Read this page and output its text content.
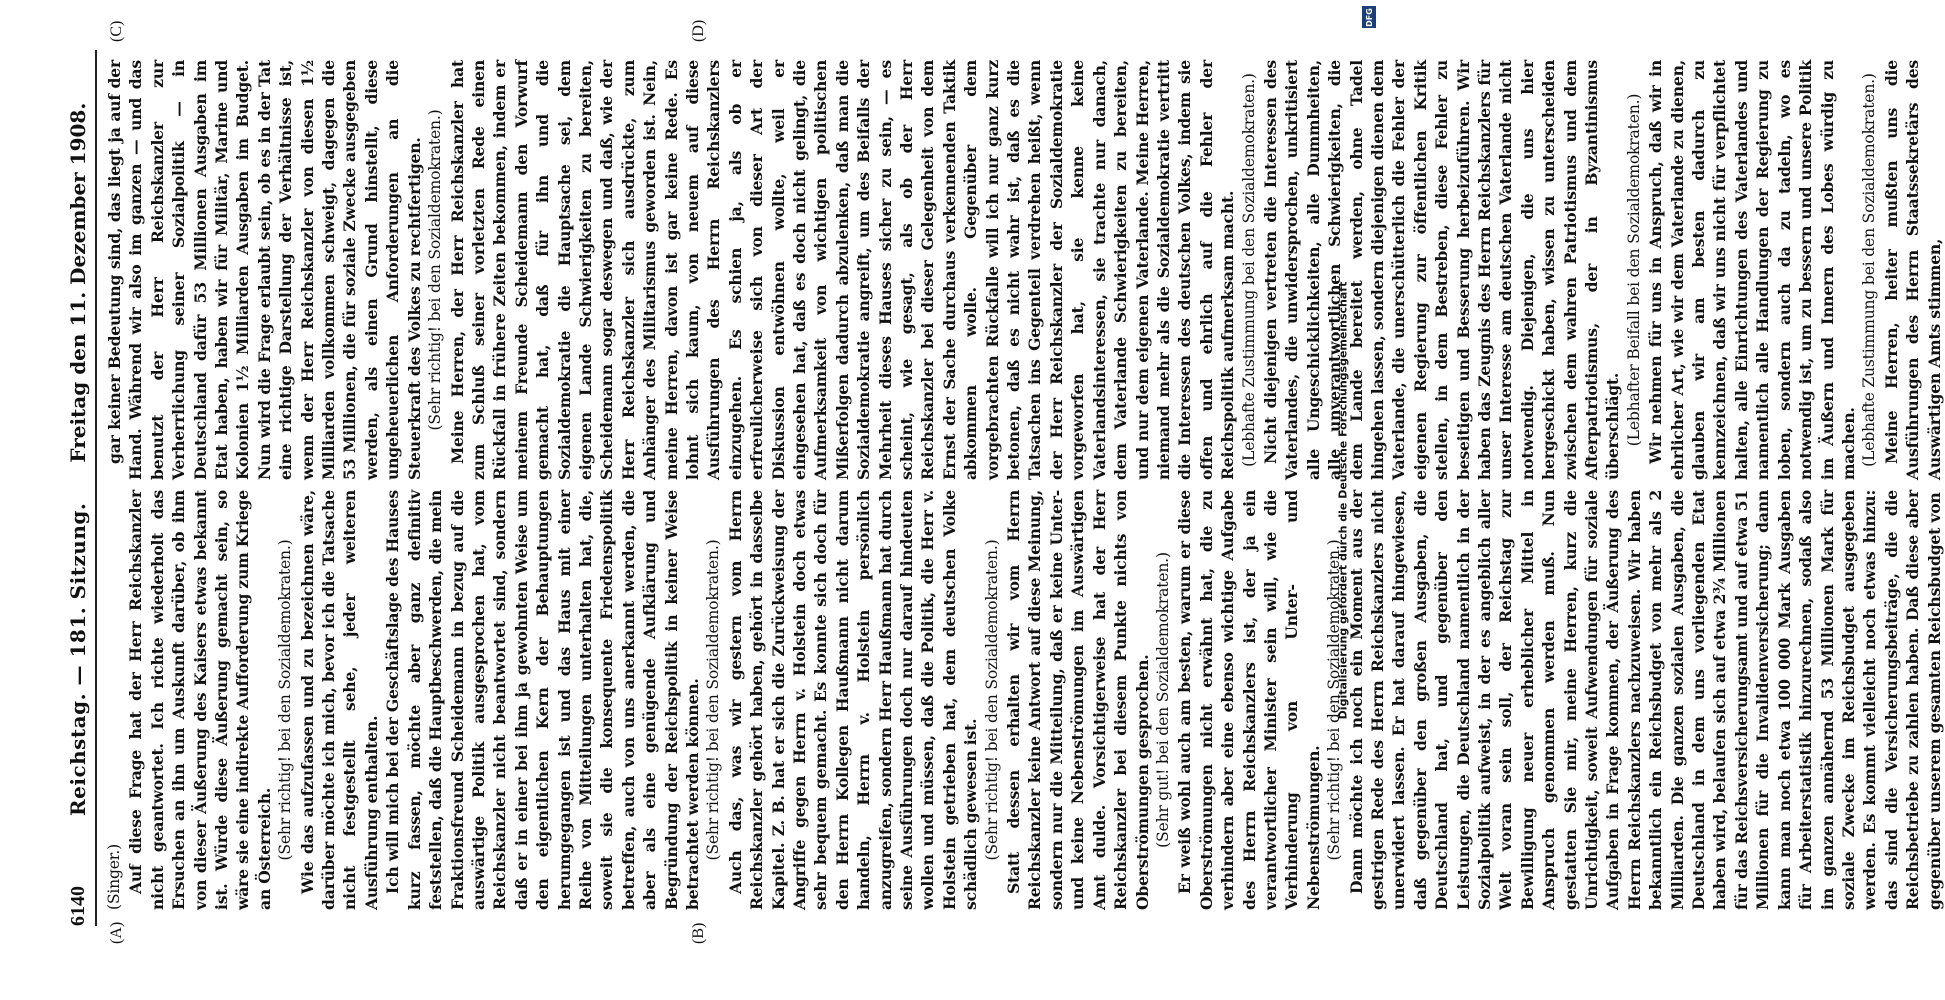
6140
Reichstag. — 181. Sitzung.
Freitag den 11. Dezember 1908.
(A)	(B)
(C)	(D)

(Singer.) Auf diese Frage hat der Herr Reichskanzler nicht geantwortet. Ich richte wiederholt das Ersuchen an ihn um Auskunft darüber, ob ihm von dieser Äußerung des Kaisers etwas bekannt ist. Würde diese Äußerung gemacht sein, so wäre sie eine indirekte Aufforderung zum Kriege an Österreich. (Sehr richtig! bei den Sozialdemokraten.) Wie das aufzufassen und zu bezeichnen wäre, darüber möchte ich mich, bevor ich die Tatsache nicht festgestellt sehe, jeder weiteren Ausführung enthalten. Ich will mich bei der Geschäftslage des Hauses kurz fassen, möchte aber ganz definitiv feststellen, daß die Hauptbeschwerden, die mein Fraktionsfreund Scheidemann in bezug auf die auswärtige Politik ausgesprochen hat, vom Reichskanzler nicht beantwortet sind, sondern daß er in einer bei ihm ja gewohnten Weise um den eigentlichen Kern der Behauptungen herumgegangen ist und das Haus mit einer Reihe von Mitteilungen unterhalten hat, die, soweit sie die konsequente Friedenspolitik betreffen, auch von uns anerkannt werden, die aber als eine genügende Aufklärung und Begründung der Reichspolitik in keiner Weise betrachtet werden können. (Sehr richtig! bei den Sozialdemokraten.) Auch das, was wir gestern vom Herrn Reichskanzler gehört haben, gehört in dasselbe Kapitel. Z. B. hat er sich die Zurückweisung der Angriffe gegen Herrn v. Holstein doch etwas sehr bequem gemacht. Es konnte sich doch für den Herrn Kollegen Haußmann nicht darum handeln, Herrn v. Holstein persönlich anzugreifen, sondern Herr Haußmann hat durch seine Ausführungen doch nur darauf hindeuten wollen und müssen, daß die Politik, die Herr v. Holstein getrieben hat, dem deutschen Volke schädlich gewesen ist. (Sehr richtig! bei den Sozialdemokraten.) Statt dessen erhalten wir vom Herrn Reichskanzler keine Antwort auf diese Meinung, sondern nur die Mitteilung, daß er keine Unter- und keine Nebenströmungen im Auswärtigen Amt dulde. Vorsichtigerweise hat der Herr Reichskanzler bei diesem Punkte nichts von Oberströmungen gesprochen. (Sehr gut! bei den Sozialdemokraten.) Er weiß wohl auch am besten, warum er diese Oberströmungen nicht erwähnt hat, die zu verhindern aber eine ebenso wichtige Aufgabe des Herrn Reichskanzlers ist, der ja ein verantwortlicher Minister sein will, wie die Verhinderung von Unter- und Nebenströmungen. (Sehr richtig! bei den Sozialdemokraten.) Dann möchte ich noch ein Moment aus der gestrigen Rede des Herrn Reichskanzlers nicht unerwidert lassen. Er hat darauf hingewiesen, daß gegenüber den großen Ausgaben, die Deutschland hat, und gegenüber den Leistungen, die Deutschland namentlich in der Sozialpolitik aufweist, in der es angeblich aller Welt voran sein soll, der Reichstag zur Bewilligung neuer erheblicher Mittel in Anspruch genommen werden muß. Nun gestatten Sie mir, meine Herren, kurz die Unrichtigkeit, soweit Aufwendungen für soziale Aufgaben in Frage kommen, der Äußerung des Herrn Reichskanzlers nachzuweisen. Wir haben bekanntlich ein Reichsbudget von mehr als 2 Milliarden. Die ganzen sozialen Ausgaben, die Deutschland in dem uns vorliegenden Etat haben wird, belaufen sich auf etwa 2¾ Millionen für das Reichsversicherungsamt und auf etwa 51 Millionen für die Invalidenversicherung; dann kann man noch etwa 100 000 Mark Ausgaben für Arbeiterstatistik hinzurechnen, sodaß also im ganzen annähernd 53 Millionen Mark für soziale Zwecke im Reichsbudget ausgegeben werden. Es kommt vielleicht noch etwas hinzu: das sind die Versicherungsbeiträge, die die Reichsbetriebe zu zahlen haben. Daß diese aber gegenüber unserem gesamten Reichsbudget von

gar keiner Bedeutung sind, das liegt ja auf der Hand. Während wir also im ganzen — und das benutzt der Herr Reichskanzler zur Verherrlichung seiner Sozialpolitik — in Deutschland dafür 53 Millionen Ausgaben im Etat haben, haben wir für Militär, Marine und Kolonien 1½ Milliarden Ausgaben im Budget. Nun wird die Frage erlaubt sein, ob es in der Tat eine richtige Darstellung der Verhältnisse ist, wenn der Herr Reichskanzler von diesen 1½ Milliarden vollkommen schweigt, dagegen die 53 Millionen, die für soziale Zwecke ausgegeben werden, als einen Grund hinstellt, diese ungeheuerlichen Anforderungen an die Steuerkraft des Volkes zu rechtfertigen. (Sehr richtig! bei den Sozialdemokraten.) Meine Herren, der Herr Reichskanzler hat zum Schluß seiner vorletzten Rede einen Rückfall in frühere Zeiten bekommen, indem er meinem Freunde Scheidemann den Vorwurf gemacht hat, daß für ihn und die Sozialdemokratie die Hauptsache sei, dem eigenen Lande Schwierigkeiten zu bereiten, Scheidemann sogar deswegen und daß, wie der Herr Reichskanzler sich ausdrückte, zum Anhänger des Militarismus geworden ist. Nein, meine Herren, davon ist gar keine Rede. Es lohnt sich kaum, von neuem auf diese Ausführungen des Herrn Reichskanzlers einzugehen. Es schien ja, als ob er erfreulicherweise sich von dieser Art der Diskussion entwöhnen wollte, weil er eingesehen hat, daß es doch nicht gelingt, die Aufmerksamkeit von wichtigen politischen Mißerfolgen dadurch abzulenken, daß man die Sozialdemokratie angreift, um des Beifalls der Mehrheit dieses Hauses sicher zu sein, — es scheint, wie gesagt, als ob der Herr Reichskanzler bei dieser Gelegenheit von dem Ernst der Sache durchaus verkennenden Taktik abkommen wolle. Gegenüber dem vorgebrachten Rückfalle will ich nur ganz kurz betonen, daß es nicht wahr ist, daß es die Tatsachen ins Gegenteil verdrehen heißt, wenn der Herr Reichskanzler der Sozialdemokratie vorgeworfen hat, sie kenne keine Vaterlandsinteressen, sie trachte nur danach, dem Vaterlande Schwierigkeiten zu bereiten, und nur dem eigenen Vaterlande. Meine Herren, niemand mehr als die Sozialdemokratie vertritt die Interessen des deutschen Volkes, indem sie offen und ehrlich auf die Fehler der Reichspolitik aufmerksam macht. (Lebhafte Zustimmung bei den Sozialdemokraten.) Nicht diejenigen vertreten die Interessen des Vaterlandes, die unwidersprochen, unkritisiert alle Ungeschicklichkeiten, alle Dummheiten, alle unverantwortlichen Schwierigkeiten, die dem Lande bereitet werden, ohne Tadel hingehen lassen, sondern diejenigen dienen dem Vaterlande, die unerschütterlich die Fehler der eigenen Regierung zur öffentlichen Kritik stellen, in dem Bestreben, diese Fehler zu beseitigen und Besserung herbeizuführen. Wir haben das Zeugnis des Herrn Reichskanzlers für unser Interesse am deutschen Vaterlande nicht notwendig. Diejenigen, die uns hier hergeschickt haben, wissen zu unterscheiden zwischen dem wahren Patriotismus und dem Afterpatriotismus, der in Byzantinismus überschlägt. (Lebhafter Beifall bei den Sozialdemokraten.) Wir nehmen für uns in Anspruch, daß wir in ehrlicher Art, wie wir dem Vaterlande zu dienen, glauben wir am besten dadurch zu kennzeichnen, daß wir uns nicht für verpflichtet halten, alle Einrichtungen des Vaterlandes und namentlich alle Handlungen der Regierung zu loben, sondern auch da zu tadeln, wo es notwendig ist, um zu bessern und unsere Politik im Äußern und Innern des Lobes würdig zu machen. (Lebhafte Zustimmung bei den Sozialdemokraten.) Meine Herren, heiter mußten uns die Ausführungen des Herrn Staatssekretärs des Auswärtigen Amts stimmen,

Digitalisierung gefördert durch die Deutsche Forschungsgemeinschaft
DFG
